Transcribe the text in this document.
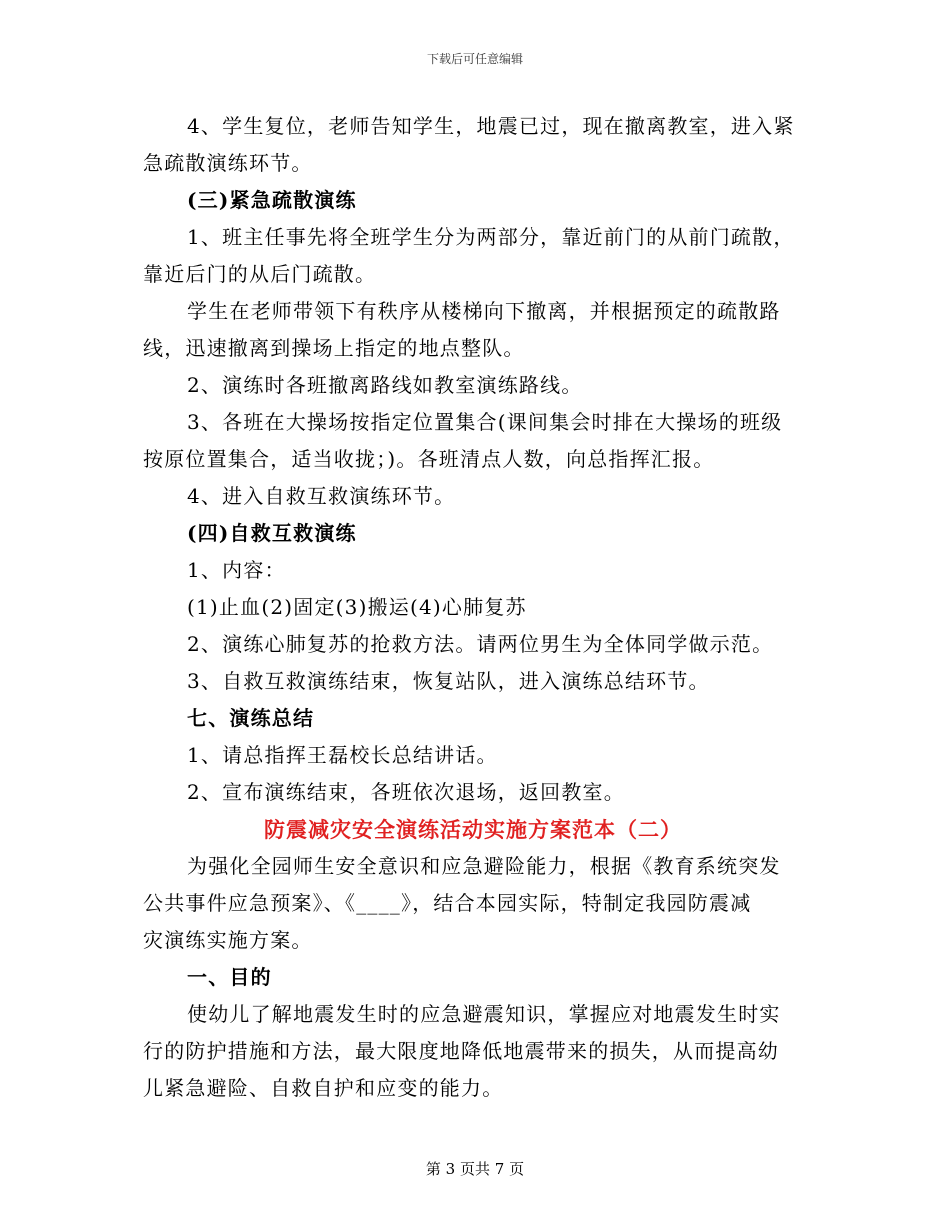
下载后可任意编辑

4、学生复位，老师告知学生，地震已过，现在撤离教室，进入紧

急疏散演练环节。

(三)紧急疏散演练

1、班主任事先将全班学生分为两部分，靠近前门的从前门疏散，

靠近后门的从后门疏散。

学生在老师带领下有秩序从楼梯向下撤离，并根据预定的疏散路

线，迅速撤离到操场上指定的地点整队。

2、演练时各班撤离路线如教室演练路线。

3、各班在大操场按指定位置集合(课间集会时排在大操场的班级

按原位置集合，适当收拢；)。各班清点人数，向总指挥汇报。

4、进入自救互救演练环节。

(四)自救互救演练

1、内容：

(1)止血(2)固定(3)搬运(4)心肺复苏

2、演练心肺复苏的抢救方法。请两位男生为全体同学做示范。

3、自救互救演练结束，恢复站队，进入演练总结环节。

七、演练总结

1、请总指挥王磊校长总结讲话。

2、宣布演练结束，各班依次退场，返回教室。

防震减灾安全演练活动实施方案范本（二）

为强化全园师生安全意识和应急避险能力，根据《教育系统突发

公共事件应急预案》、《____》，结合本园实际，特制定我园防震减

灾演练实施方案。

一、目的

使幼儿了解地震发生时的应急避震知识，掌握应对地震发生时实

行的防护措施和方法，最大限度地降低地震带来的损失，从而提高幼

儿紧急避险、自救自护和应变的能力。

第 3 页共 7 页
